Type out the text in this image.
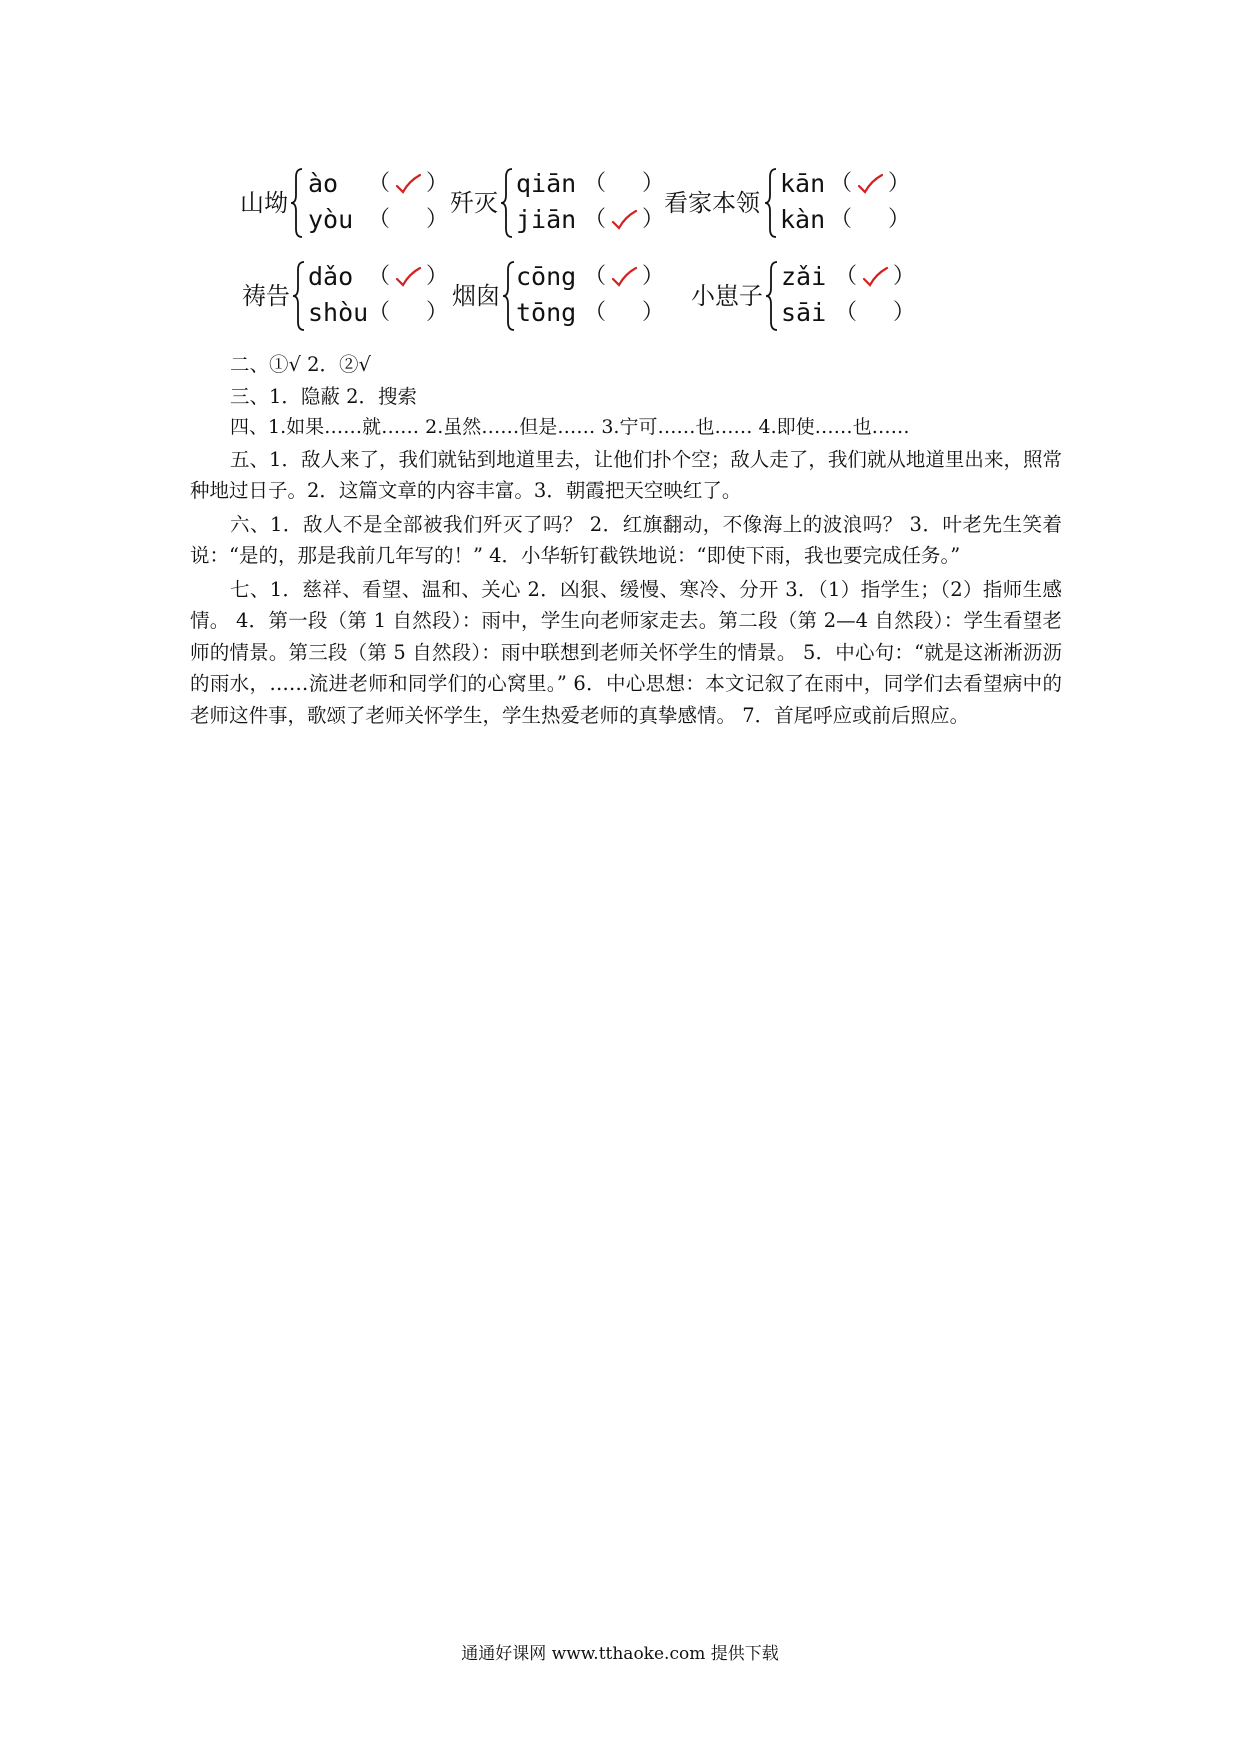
山坳
ào
yòu
（ ）
（ ）
歼灭
qiān
jiān
（ ）
（ ）
看家本领
kān
kàn
（ ）
（ ）
祷告
dǎo
shòu
（ ）
（ ）
烟囱
cōng
tōng
（ ）
（ ）
小崽子
zǎi
sāi
（ ）
（ ）
二、①√ 2．②√
三、1．隐蔽 2．搜索
四、1.如果……就…… 2.虽然……但是…… 3.宁可……也…… 4.即使……也……
五、1．敌人来了，我们就钻到地道里去，让他们扑个空；敌人走了，我们就从地道里出来，照常种地过日子。2．这篇文章的内容丰富。3．朝霞把天空映红了。
六、1．敌人不是全部被我们歼灭了吗？ 2．红旗翻动，不像海上的波浪吗？ 3．叶老先生笑着说：“是的，那是我前几年写的！” 4．小华斩钉截铁地说：“即使下雨，我也要完成任务。”
七、1．慈祥、看望、温和、关心 2．凶狠、缓慢、寒冷、分开 3．（1）指学生；（2）指师生感情。 4．第一段（第 1 自然段）：雨中，学生向老师家走去。第二段（第 2—4 自然段）：学生看望老师的情景。第三段（第 5 自然段）：雨中联想到老师关怀学生的情景。 5．中心句：“就是这淅淅沥沥的雨水，……流进老师和同学们的心窝里。” 6．中心思想：本文记叙了在雨中，同学们去看望病中的老师这件事，歌颂了老师关怀学生，学生热爱老师的真挚感情。 7．首尾呼应或前后照应。
通通好课网 www.tthaoke.com 提供下载
